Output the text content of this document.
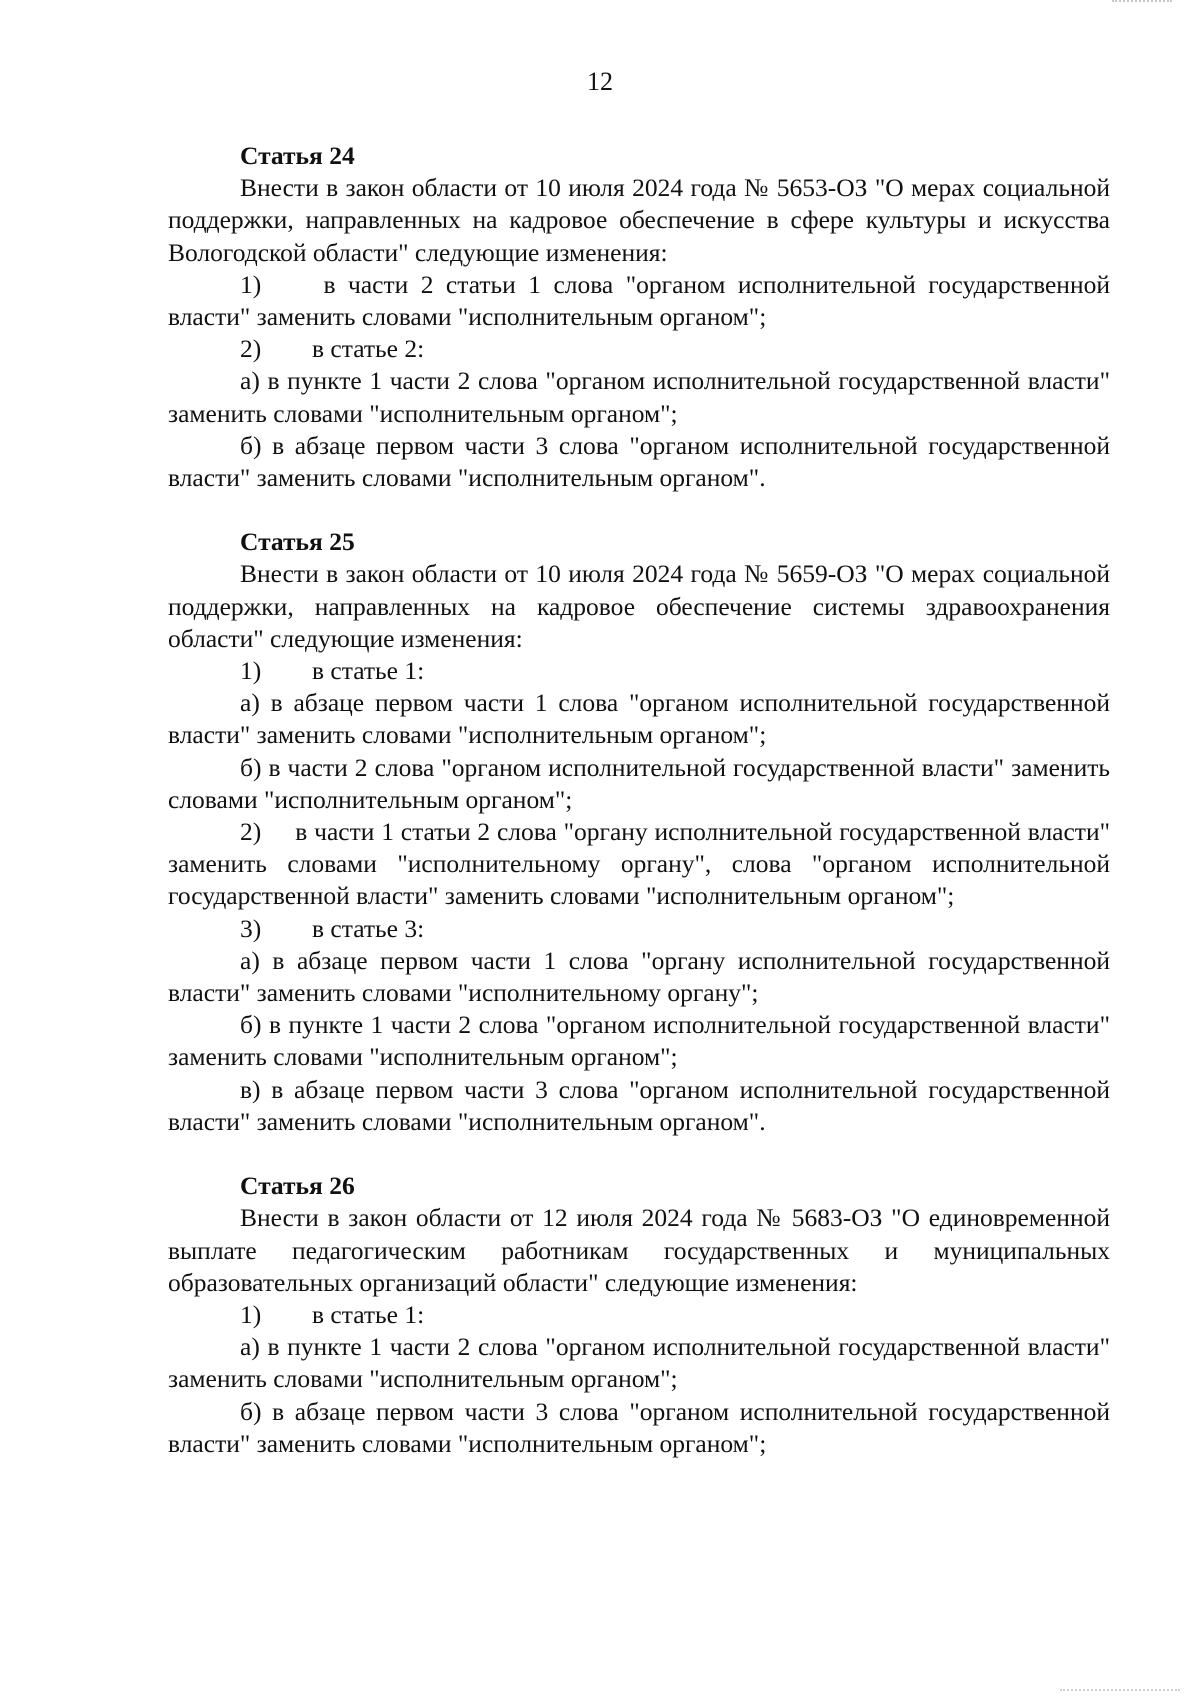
12
Статья 24

Внести в закон области от 10 июля 2024 года № 5653-ОЗ "О мерах социальной поддержки, направленных на кадровое обеспечение в сфере культуры и искусства Вологодской области" следующие изменения:

1)     в части 2 статьи 1 слова "органом исполнительной государственной власти" заменить словами "исполнительным органом";

2)	в статье 2:

а) в пункте 1 части 2 слова "органом исполнительной государственной власти" заменить словами "исполнительным органом";

б) в абзаце первом части 3 слова "органом исполнительной государственной власти" заменить словами "исполнительным органом".

Статья 25

Внести в закон области от 10 июля 2024 года № 5659-ОЗ "О мерах социальной поддержки, направленных на кадровое обеспечение системы здравоохранения области" следующие изменения:

1)	в статье 1:

а) в абзаце первом части 1 слова "органом исполнительной государственной власти" заменить словами "исполнительным органом";

б) в части 2 слова "органом исполнительной государственной власти" заменить словами "исполнительным органом";

2)     в части 1 статьи 2 слова "органу исполнительной государственной власти" заменить словами "исполнительному органу", слова "органом исполнительной государственной власти" заменить словами "исполнительным органом";

3)	в статье 3:

а) в абзаце первом части 1 слова "органу исполнительной государственной власти" заменить словами "исполнительному органу";

б) в пункте 1 части 2 слова "органом исполнительной государственной власти" заменить словами "исполнительным органом";

в) в абзаце первом части 3 слова "органом исполнительной государственной власти" заменить словами "исполнительным органом".

Статья 26

Внести в закон области от 12 июля 2024 года № 5683-ОЗ "О единовременной выплате педагогическим работникам государственных и муниципальных образовательных организаций области" следующие изменения:

1)	в статье 1:

а) в пункте 1 части 2 слова "органом исполнительной государственной власти" заменить словами "исполнительным органом";

б) в абзаце первом части 3 слова "органом исполнительной государственной власти" заменить словами "исполнительным органом";
